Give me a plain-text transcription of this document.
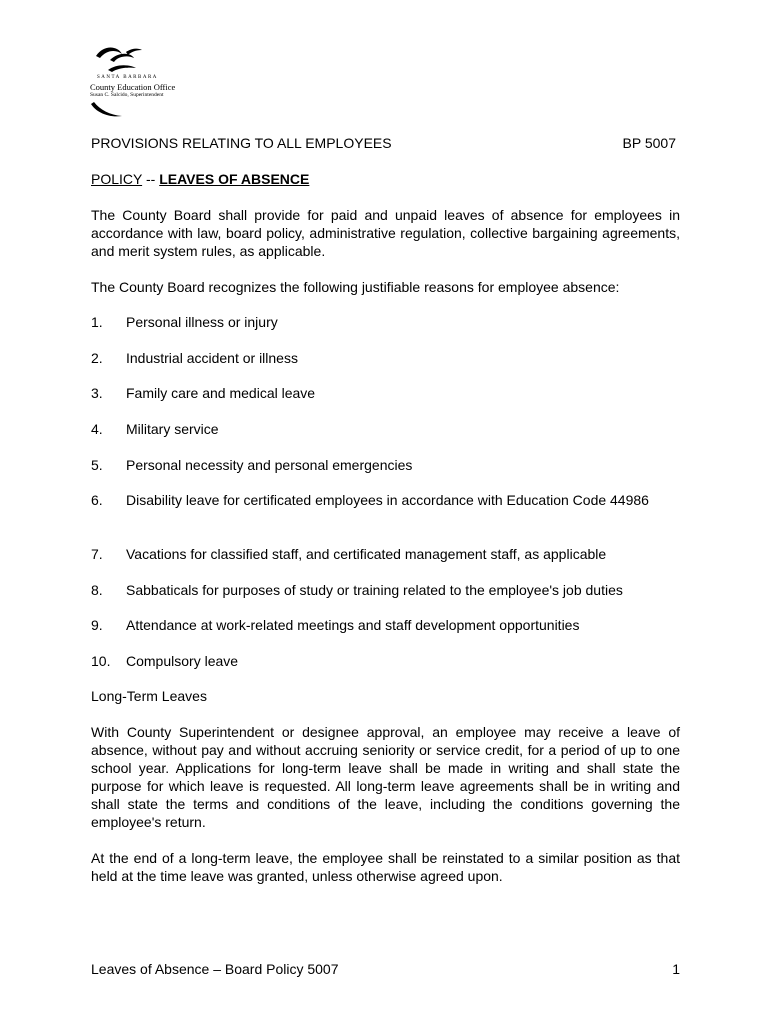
SANTA BARBARA
County Education Office
Susan C. Salcido, Superintendent
PROVISIONS RELATING TO ALL EMPLOYEES	BP 5007
POLICY -- LEAVES OF ABSENCE

The County Board shall provide for paid and unpaid leaves of absence for employees in accordance with law, board policy, administrative regulation, collective bargaining agreements, and merit system rules, as applicable.

The County Board recognizes the following justifiable reasons for employee absence:

1. Personal illness or injury
2. Industrial accident or illness
3. Family care and medical leave
4. Military service
5. Personal necessity and personal emergencies
6. Disability leave for certificated employees in accordance with Education Code 44986
7. Vacations for classified staff, and certificated management staff, as applicable
8. Sabbaticals for purposes of study or training related to the employee's job duties
9. Attendance at work-related meetings and staff development opportunities
10. Compulsory leave

Long-Term Leaves

With County Superintendent or designee approval, an employee may receive a leave of absence, without pay and without accruing seniority or service credit, for a period of up to one school year. Applications for long-term leave shall be made in writing and shall state the purpose for which leave is requested. All long-term leave agreements shall be in writing and shall state the terms and conditions of the leave, including the conditions governing the employee's return.

At the end of a long-term leave, the employee shall be reinstated to a similar position as that held at the time leave was granted, unless otherwise agreed upon.

Leaves of Absence – Board Policy 5007	1
